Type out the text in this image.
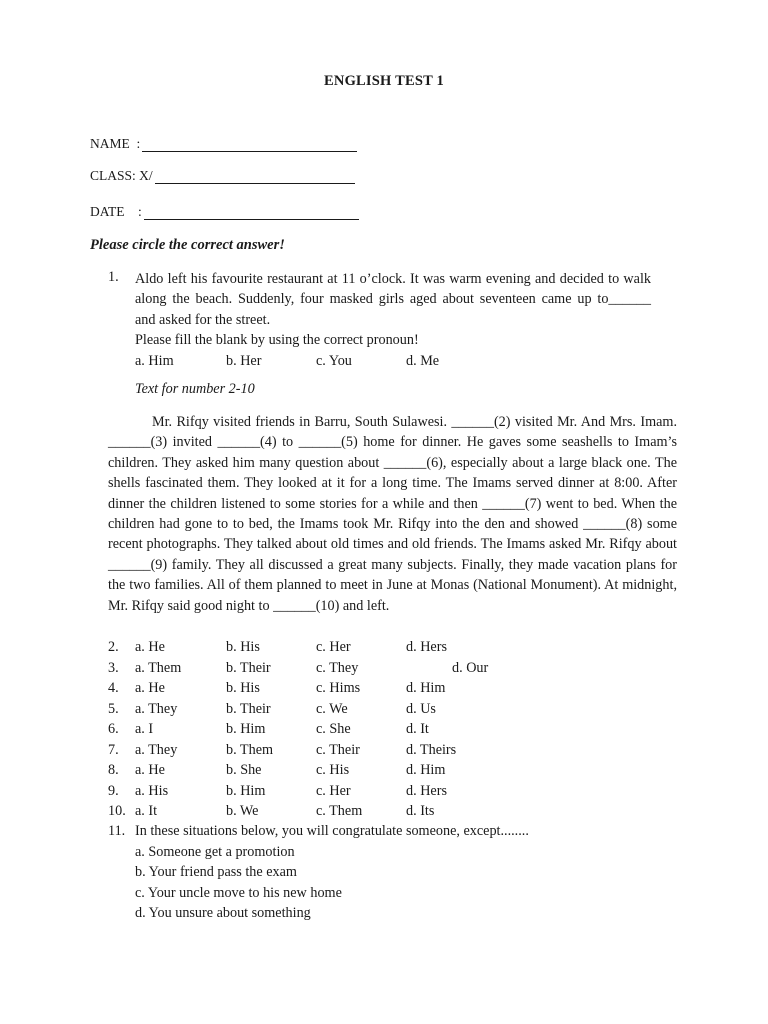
ENGLISH TEST 1
NAME  :
CLASS: X/
DATE    :
Please circle the correct answer!
1. Aldo left his favourite restaurant at 11 o’clock. It was warm evening and decided to walk
along the beach. Suddenly, four masked girls aged about seventeen came up to______
and asked for the street.
Please fill the blank by using the correct pronoun!
a. Him	b. Her	c. You	d. Me
Text for number 2-10

Mr. Rifqy visited friends in Barru, South Sulawesi. ______(2) visited Mr. And Mrs. Imam. ______(3) invited ______(4) to ______(5) home for dinner. He gaves some seashells to Imam’s children. They asked him many question about ______(6), especially about a large black one. The shells fascinated them. They looked at it for a long time. The Imams served dinner at 8:00. After dinner the children listened to some stories for a while and then ______(7) went to bed. When the children had gone to to bed, the Imams took Mr. Rifqy into the den and showed ______(8) some recent photographs. They talked about old times and old friends. The Imams asked Mr. Rifqy about ______(9) family. They all discussed a great many subjects. Finally, they made vacation plans for the two families. All of them planned to meet in June at Monas (National Monument). At midnight, Mr. Rifqy said good night to ______(10) and left.

2.	a. He	b. His	c. Her	d. Hers
3.	a. Them	b. Their	c. They	d. Our
4.	a. He	b. His	c. Hims	d. Him
5.	a. They	b. Their	c. We	d. Us
6.	a. I	b. Him	c. She	d. It
7.	a. They	b. Them	c. Their	d. Theirs
8.	a. He	b. She	c. His	d. Him
9.	a. His	b. Him	c. Her	d. Hers
10. a. It	b. We	c. Them	d. Its
11. In these situations below, you will congratulate someone, except........
a. Someone get a promotion
b. Your friend pass the exam
c. Your uncle move to his new home
d. You unsure about something
